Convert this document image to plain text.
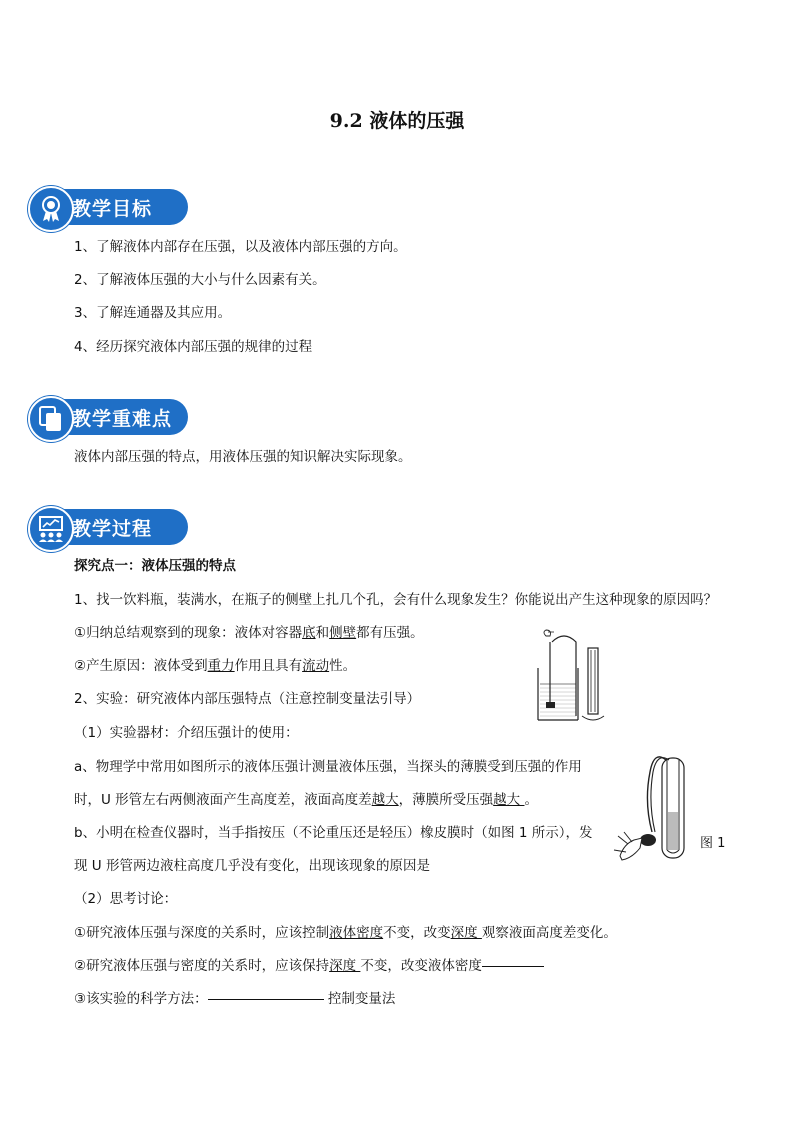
9.2 液体的压强
教学目标
1、了解液体内部存在压强，以及液体内部压强的方向。
2、了解液体压强的大小与什么因素有关。
3、了解连通器及其应用。
4、经历探究液体内部压强的规律的过程
教学重难点
液体内部压强的特点，用液体压强的知识解决实际现象。
教学过程
探究点一：液体压强的特点
1、找一饮料瓶，装满水，在瓶子的侧壁上扎几个孔，会有什么现象发生？你能说出产生这种现象的原因吗？
①归纳总结观察到的现象：液体对容器底和侧壁都有压强。
②产生原因：液体受到重力作用且具有流动性。
2、实验：研究液体内部压强特点（注意控制变量法引导）
（1）实验器材：介绍压强计的使用：
a、物理学中常用如图所示的液体压强计测量液体压强，当探头的薄膜受到压强的作用
时，U 形管左右两侧液面产生高度差，液面高度差越大，薄膜所受压强越大 。
b、小明在检查仪器时，当手指按压（不论重压还是轻压）橡皮膜时（如图 1 所示），发
现 U 形管两边液柱高度几乎没有变化，出现该现象的原因是
（2）思考讨论：
①研究液体压强与深度的关系时，应该控制液体密度不变，改变深度 观察液面高度差变化。
②研究液体压强与密度的关系时，应该保持深度 不变，改变液体密度
③该实验的科学方法：	控制变量法
图 1
